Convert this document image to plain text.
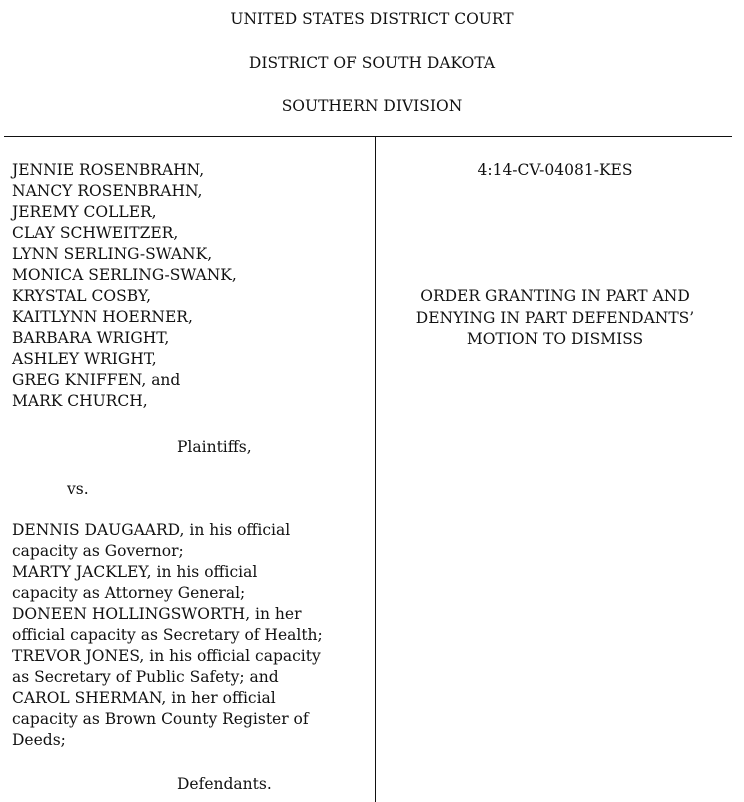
UNITED STATES DISTRICT COURT
DISTRICT OF SOUTH DAKOTA
SOUTHERN DIVISION
JENNIE ROSENBRAHN,
NANCY ROSENBRAHN,
JEREMY COLLER,
CLAY SCHWEITZER,
LYNN SERLING-SWANK,
MONICA SERLING-SWANK,
KRYSTAL COSBY,
KAITLYNN HOERNER,
BARBARA WRIGHT,
ASHLEY WRIGHT,
GREG KNIFFEN, and
MARK CHURCH,
Plaintiffs,
vs.
DENNIS DAUGAARD, in his official
capacity as Governor;
MARTY JACKLEY, in his official
capacity as Attorney General;
DONEEN HOLLINGSWORTH, in her
official capacity as Secretary of Health;
TREVOR JONES, in his official capacity
as Secretary of Public Safety; and
CAROL SHERMAN, in her official
capacity as Brown County Register of
Deeds;
Defendants.
4:14-CV-04081-KES
ORDER GRANTING IN PART AND
DENYING IN PART DEFENDANTS’
MOTION TO DISMISS
